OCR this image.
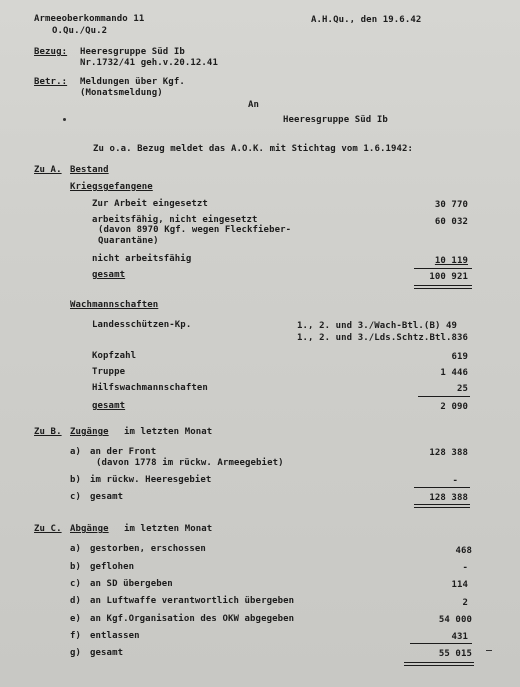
Armeeoberkommando 11
O.Qu./Qu.2
A.H.Qu., den 19.6.42
Bezug: Heeresgruppe Süd Ib
Nr.1732/41 geh.v.20.12.41
Betr.: Meldungen über Kgf.
(Monatsmeldung)
An
Heeresgruppe Süd Ib
Zu o.a. Bezug meldet das A.O.K. mit Stichtag vom 1.6.1942:
Zu A. Bestand
Kriegsgefangene
Zur Arbeit eingesetzt	30 770
arbeitsfähig, nicht eingesetzt	60 032
(davon 8970 Kgf. wegen Fleckfieber-
Quarantäne)
nicht arbeitsfähig	10 119
gesamt	100 921
Wachmannschaften
Landesschützen-Kp.	1., 2. und 3./Wach-Btl.(B) 49
1., 2. und 3./Lds.Schtz.Btl.836
Kopfzahl	619
Truppe	1 446
Hilfswachmannschaften	25
gesamt	2 090
Zu B. Zugänge im letzten Monat
a) an der Front	128 388
(davon 1778 im rückw. Armeegebiet)
b) im rückw. Heeresgebiet	-
c) gesamt	128 388
Zu C. Abgänge im letzten Monat
a) gestorben, erschossen	468
b) geflohen	-
c) an SD übergeben	114
d) an Luftwaffe verantwortlich übergeben	2
e) an Kgf.Organisation des OKW abgegeben	54 000
f) entlassen	431
g) gesamt	55 015
